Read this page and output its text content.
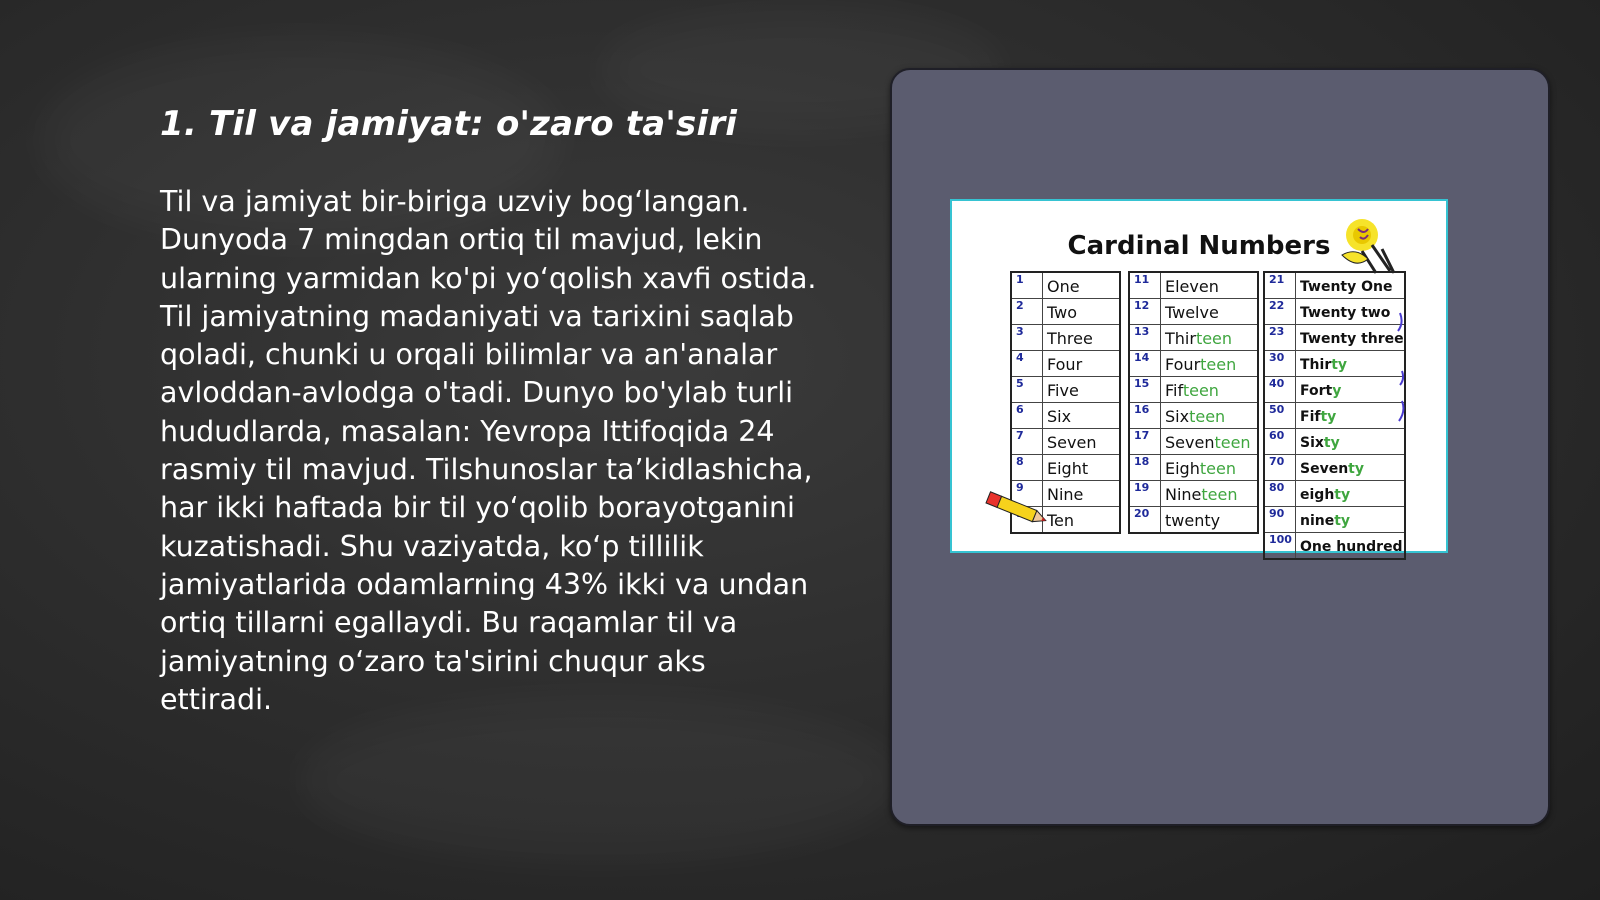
1. Til va jamiyat: o'zaro ta'siri

Til va jamiyat bir-biriga uzviy bog‘langan. Dunyoda 7 mingdan ortiq til mavjud, lekin ularning yarmidan ko'pi yo‘qolish xavfi ostida. Til jamiyatning madaniyati va tarixini saqlab qoladi, chunki u orqali bilimlar va an'analar avloddan-avlodga o'tadi. Dunyo bo'ylab turli hududlarda, masalan: Yevropa Ittifoqida 24 rasmiy til mavjud. Tilshunoslar ta’kidlashicha, har ikki haftada bir til yo‘qolib borayotganini kuzatishadi. Shu vaziyatda, ko‘p tillilik jamiyatlarida odamlarning 43% ikki va undan ortiq tillarni egallaydi. Bu raqamlar til va jamiyatning o‘zaro ta'sirini chuqur aks ettiradi.

Cardinal Numbers
1	One
2	Two
3	Three
4	Four
5	Five
6	Six
7	Seven
8	Eight
9	Nine
	Ten
11	Eleven
12	Twelve
13	Thirteen
14	Fourteen
15	Fifteen
16	Sixteen
17	Seventeen
18	Eighteen
19	Nineteen
20	twenty
21	Twenty One
22	Twenty two
23	Twenty three
30	Thirty
40	Forty
50	Fifty
60	Sixty
70	Seventy
80	eighty
90	ninety
100	One hundred
